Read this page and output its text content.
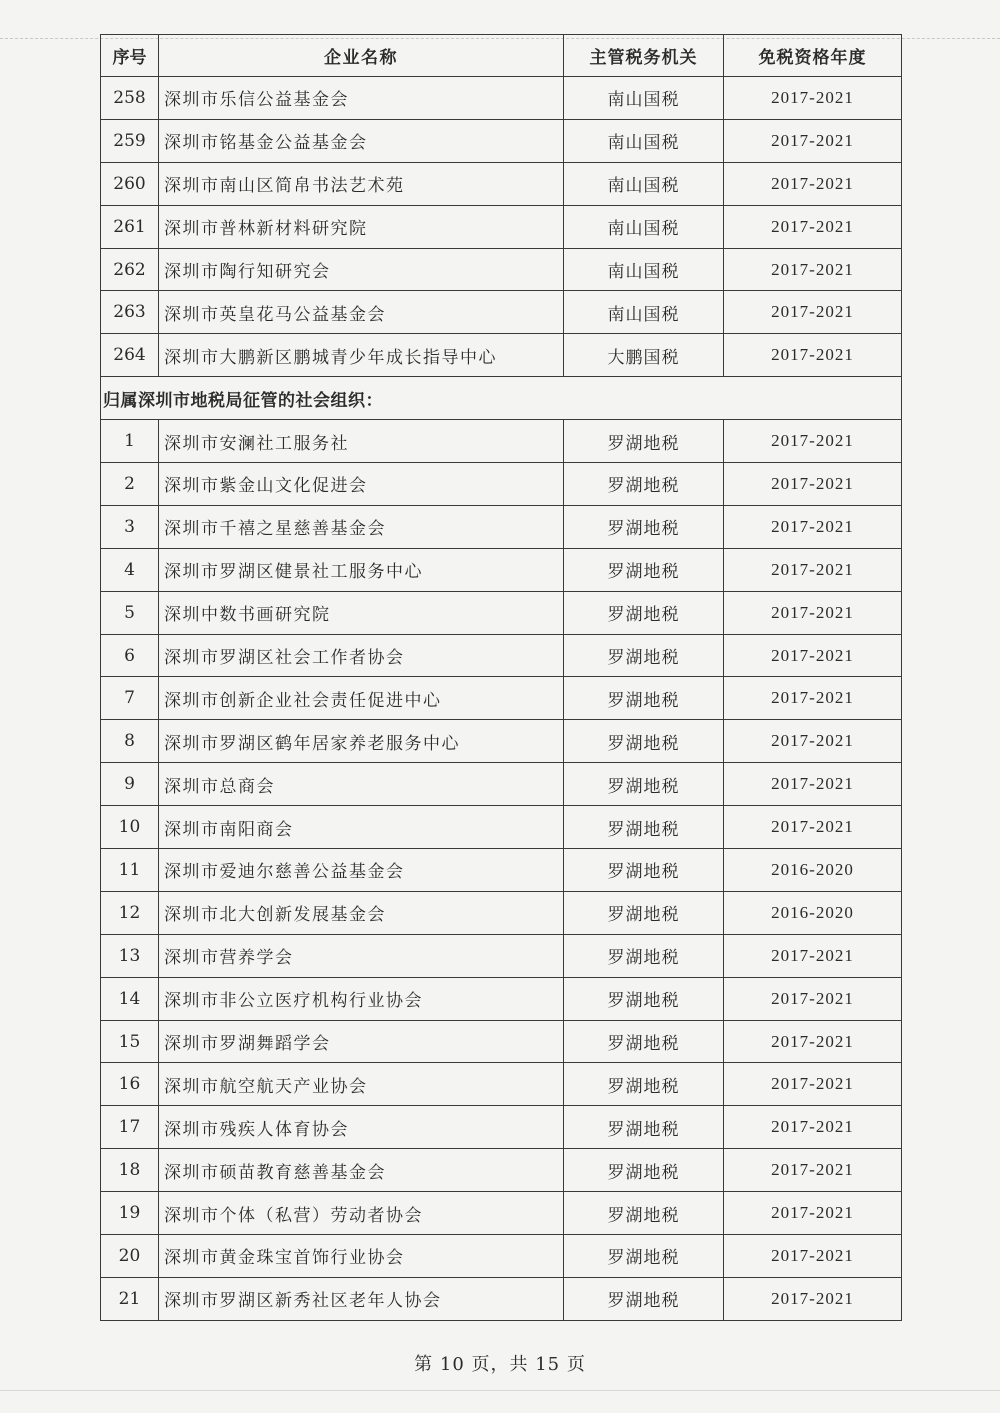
序号	企业名称	主管税务机关	免税资格年度
258	深圳市乐信公益基金会	南山国税	2017-2021
259	深圳市铭基金公益基金会	南山国税	2017-2021
260	深圳市南山区简帛书法艺术苑	南山国税	2017-2021
261	深圳市普林新材料研究院	南山国税	2017-2021
262	深圳市陶行知研究会	南山国税	2017-2021
263	深圳市英皇花马公益基金会	南山国税	2017-2021
264	深圳市大鹏新区鹏城青少年成长指导中心	大鹏国税	2017-2021
归属深圳市地税局征管的社会组织：			
1	深圳市安澜社工服务社	罗湖地税	2017-2021
2	深圳市紫金山文化促进会	罗湖地税	2017-2021
3	深圳市千禧之星慈善基金会	罗湖地税	2017-2021
4	深圳市罗湖区健景社工服务中心	罗湖地税	2017-2021
5	深圳中数书画研究院	罗湖地税	2017-2021
6	深圳市罗湖区社会工作者协会	罗湖地税	2017-2021
7	深圳市创新企业社会责任促进中心	罗湖地税	2017-2021
8	深圳市罗湖区鹤年居家养老服务中心	罗湖地税	2017-2021
9	深圳市总商会	罗湖地税	2017-2021
10	深圳市南阳商会	罗湖地税	2017-2021
11	深圳市爱迪尔慈善公益基金会	罗湖地税	2016-2020
12	深圳市北大创新发展基金会	罗湖地税	2016-2020
13	深圳市营养学会	罗湖地税	2017-2021
14	深圳市非公立医疗机构行业协会	罗湖地税	2017-2021
15	深圳市罗湖舞蹈学会	罗湖地税	2017-2021
16	深圳市航空航天产业协会	罗湖地税	2017-2021
17	深圳市残疾人体育协会	罗湖地税	2017-2021
18	深圳市硕苗教育慈善基金会	罗湖地税	2017-2021
19	深圳市个体（私营）劳动者协会	罗湖地税	2017-2021
20	深圳市黄金珠宝首饰行业协会	罗湖地税	2017-2021
21	深圳市罗湖区新秀社区老年人协会	罗湖地税	2017-2021
第 10 页，共 15 页
